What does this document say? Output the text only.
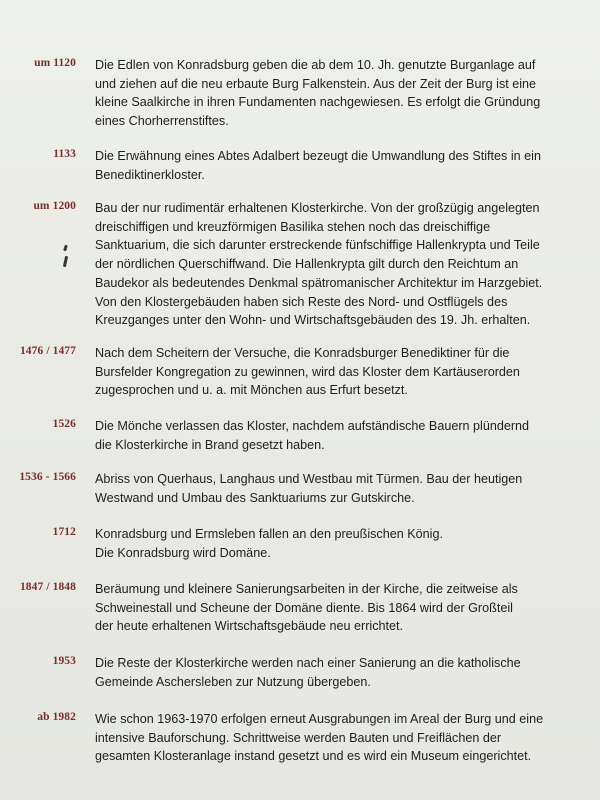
um 1120 Die Edlen von Konradsburg geben die ab dem 10. Jh. genutzte Burganlage auf
und ziehen auf die neu erbaute Burg Falkenstein. Aus der Zeit der Burg ist eine
kleine Saalkirche in ihren Fundamenten nachgewiesen. Es erfolgt die Gründung
eines Chorherrenstiftes.

1133 Die Erwähnung eines Abtes Adalbert bezeugt die Umwandlung des Stiftes in ein
Benediktinerkloster.

um 1200 Bau der nur rudimentär erhaltenen Klosterkirche. Von der großzügig angelegten
dreischiffigen und kreuzförmigen Basilika stehen noch das dreischiffige
Sanktuarium, die sich darunter erstreckende fünfschiffige Hallenkrypta und Teile
der nördlichen Querschiffwand. Die Hallenkrypta gilt durch den Reichtum an
Baudekor als bedeutendes Denkmal spätromanischer Architektur im Harzgebiet.
Von den Klostergebäuden haben sich Reste des Nord- und Ostflügels des
Kreuzganges unter den Wohn- und Wirtschaftsgebäuden des 19. Jh. erhalten.

1476 / 1477 Nach dem Scheitern der Versuche, die Konradsburger Benediktiner für die
Bursfelder Kongregation zu gewinnen, wird das Kloster dem Kartäuserorden
zugesprochen und u. a. mit Mönchen aus Erfurt besetzt.

1526 Die Mönche verlassen das Kloster, nachdem aufständische Bauern plündernd
die Klosterkirche in Brand gesetzt haben.

1536 - 1566 Abriss von Querhaus, Langhaus und Westbau mit Türmen. Bau der heutigen
Westwand und Umbau des Sanktuariums zur Gutskirche.

1712 Konradsburg und Ermsleben fallen an den preußischen König.
Die Konradsburg wird Domäne.

1847 / 1848 Beräumung und kleinere Sanierungsarbeiten in der Kirche, die zeitweise als
Schweinestall und Scheune der Domäne diente. Bis 1864 wird der Großteil
der heute erhaltenen Wirtschaftsgebäude neu errichtet.

1953 Die Reste der Klosterkirche werden nach einer Sanierung an die katholische
Gemeinde Aschersleben zur Nutzung übergeben.

ab 1982 Wie schon 1963-1970 erfolgen erneut Ausgrabungen im Areal der Burg und eine
intensive Bauforschung. Schrittweise werden Bauten und Freiflächen der
gesamten Klosteranlage instand gesetzt und es wird ein Museum eingerichtet.
